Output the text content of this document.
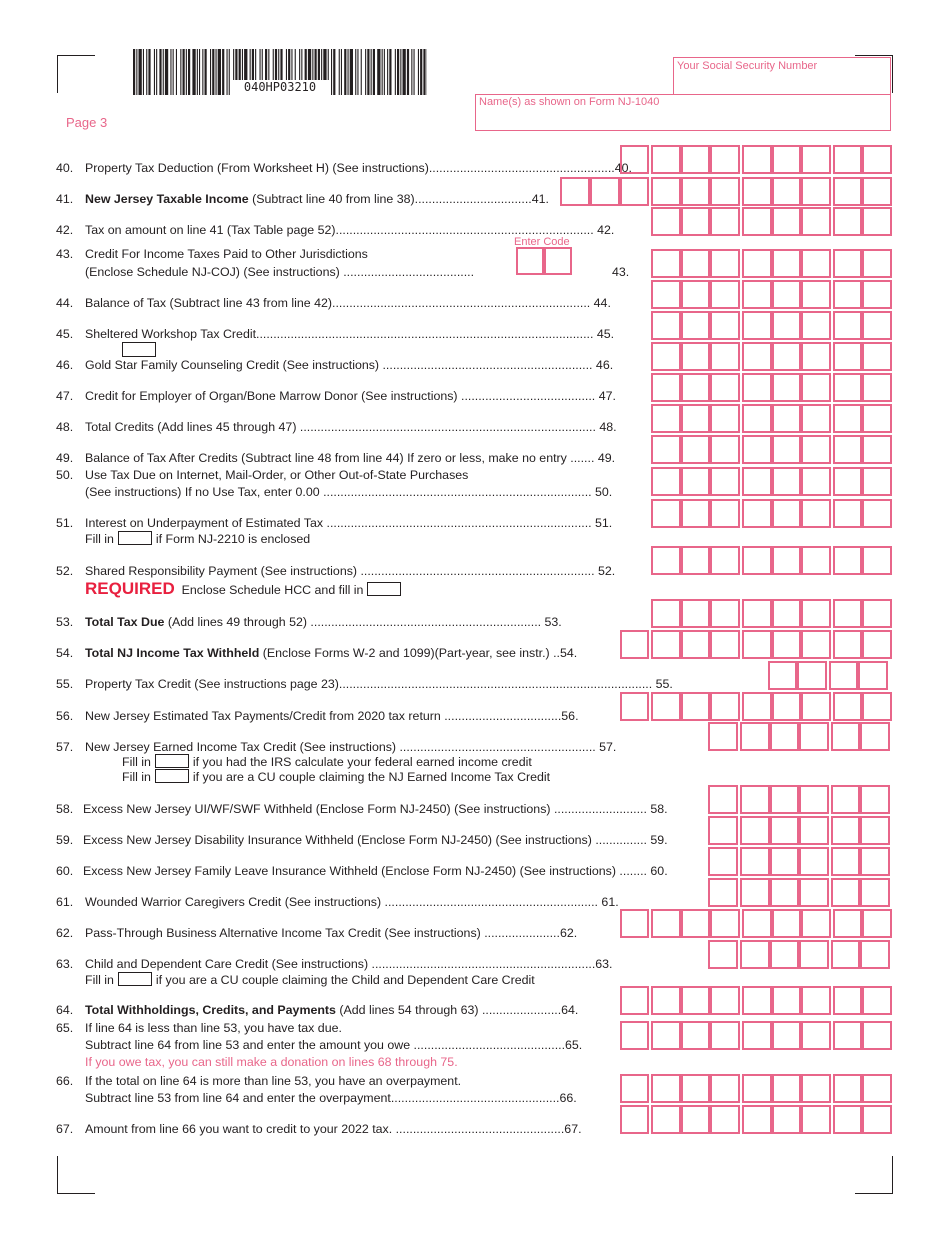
040HP03210
Page 3
Your Social Security Number
Name(s) as shown on Form NJ-1040
40. Property Tax Deduction (From Worksheet H) (See instructions)......................................................40.
41. New Jersey Taxable Income (Subtract line 40 from line 38)..................................41.
42. Tax on amount on line 41 (Tax Table page 52)........................................................................... 42.
Enter Code
43. Credit For Income Taxes Paid to Other Jurisdictions
(Enclose Schedule NJ-COJ) (See instructions) ......................................	43.
44. Balance of Tax (Subtract line 43 from line 42)........................................................................... 44.
45. Sheltered Workshop Tax Credit.................................................................................................. 45.
46. Gold Star Family Counseling Credit (See instructions) ............................................................. 46.
47. Credit for Employer of Organ/Bone Marrow Donor (See instructions) ....................................... 47.
48. Total Credits (Add lines 45 through 47) ...................................................................................... 48.
49. Balance of Tax After Credits (Subtract line 48 from line 44) If zero or less, make no entry ....... 49.
50. Use Tax Due on Internet, Mail-Order, or Other Out-of-State Purchases
(See instructions) If no Use Tax, enter 0.00 .............................................................................. 50.
51. Interest on Underpayment of Estimated Tax ............................................................................. 51.
Fill in	if Form NJ-2210 is enclosed
52. Shared Responsibility Payment (See instructions) .................................................................... 52.
REQUIRED Enclose Schedule HCC and fill in
53. Total Tax Due (Add lines 49 through 52) ................................................................... 53.
54. Total NJ Income Tax Withheld (Enclose Forms W-2 and 1099)(Part-year, see instr.) ..54.
55. Property Tax Credit (See instructions page 23)........................................................................................... 55.
56. New Jersey Estimated Tax Payments/Credit from 2020 tax return ..................................56.
57. New Jersey Earned Income Tax Credit (See instructions) ......................................................... 57.
Fill in	if you had the IRS calculate your federal earned income credit
Fill in	if you are a CU couple claiming the NJ Earned Income Tax Credit
58. Excess New Jersey UI/WF/SWF Withheld (Enclose Form NJ-2450) (See instructions) ........................... 58.
59. Excess New Jersey Disability Insurance Withheld (Enclose Form NJ-2450) (See instructions) ............... 59.
60. Excess New Jersey Family Leave Insurance Withheld (Enclose Form NJ-2450) (See instructions) ........ 60.
61. Wounded Warrior Caregivers Credit (See instructions) .............................................................. 61.
62. Pass-Through Business Alternative Income Tax Credit (See instructions) ......................62.
63. Child and Dependent Care Credit (See instructions) .................................................................63.
Fill in	if you are a CU couple claiming the Child and Dependent Care Credit
64. Total Withholdings, Credits, and Payments (Add lines 54 through 63) .......................64.
65. If line 64 is less than line 53, you have tax due.
Subtract line 64 from line 53 and enter the amount you owe ............................................65.
If you owe tax, you can still make a donation on lines 68 through 75.
66. If the total on line 64 is more than line 53, you have an overpayment.
Subtract line 53 from line 64 and enter the overpayment.................................................66.
67. Amount from line 66 you want to credit to your 2022 tax. .................................................67.
